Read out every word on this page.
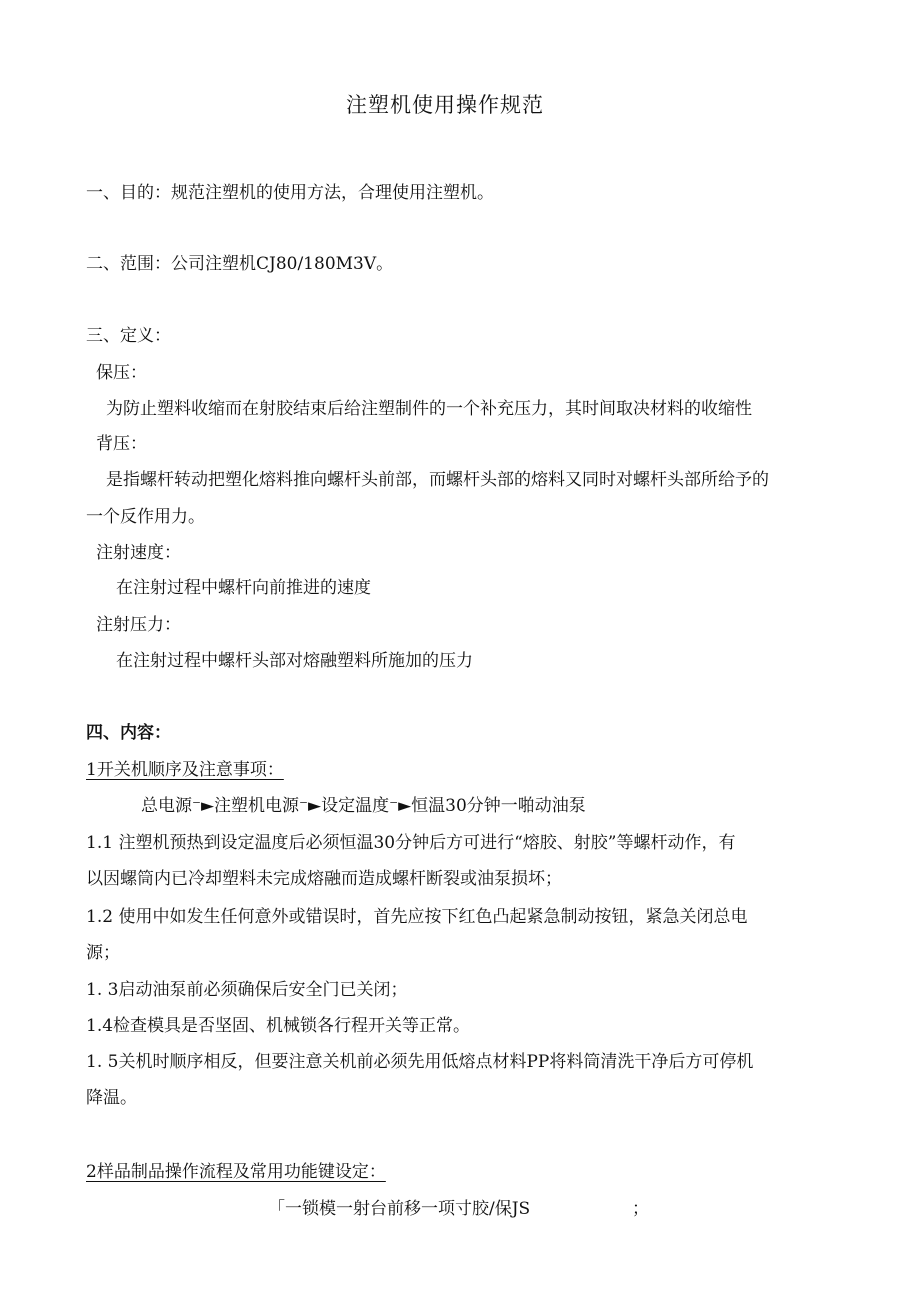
注塑机使用操作规范
一、目的：规范注塑机的使用方法，合理使用注塑机。
二、范围：公司注塑机CJ80/180M3V。
三、定义：
保压：
为防止塑料收缩而在射胶结束后给注塑制件的一个补充压力，其时间取决材料的收缩性
背压：
是指螺杆转动把塑化熔料推向螺杆头前部，而螺杆头部的熔料又同时对螺杆头部所给予的
一个反作用力。
注射速度：
在注射过程中螺杆向前推进的速度
注射压力：
在注射过程中螺杆头部对熔融塑料所施加的压力
四、内容：
1开关机顺序及注意事项：
总电源⁻►注塑机电源⁻►设定温度⁻►恒温30分钟一啪动油泵
1.1 注塑机预热到设定温度后必须恒温30分钟后方可进行“熔胶、射胶”等螺杆动作，有
以因螺筒内已冷却塑料未完成熔融而造成螺杆断裂或油泵损坏；
1.2 使用中如发生任何意外或错误时，首先应按下红色凸起紧急制动按钮，紧急关闭总电
源；
1. 3启动油泵前必须确保后安全门已关闭；
1.4检查模具是否坚固、机械锁各行程开关等正常。
1. 5关机时顺序相反，但要注意关机前必须先用低熔点材料PP将料筒清洗干净后方可停机
降温。
2样品制品操作流程及常用功能键设定：
「一锁模一射台前移一项寸胶/保JS	；
